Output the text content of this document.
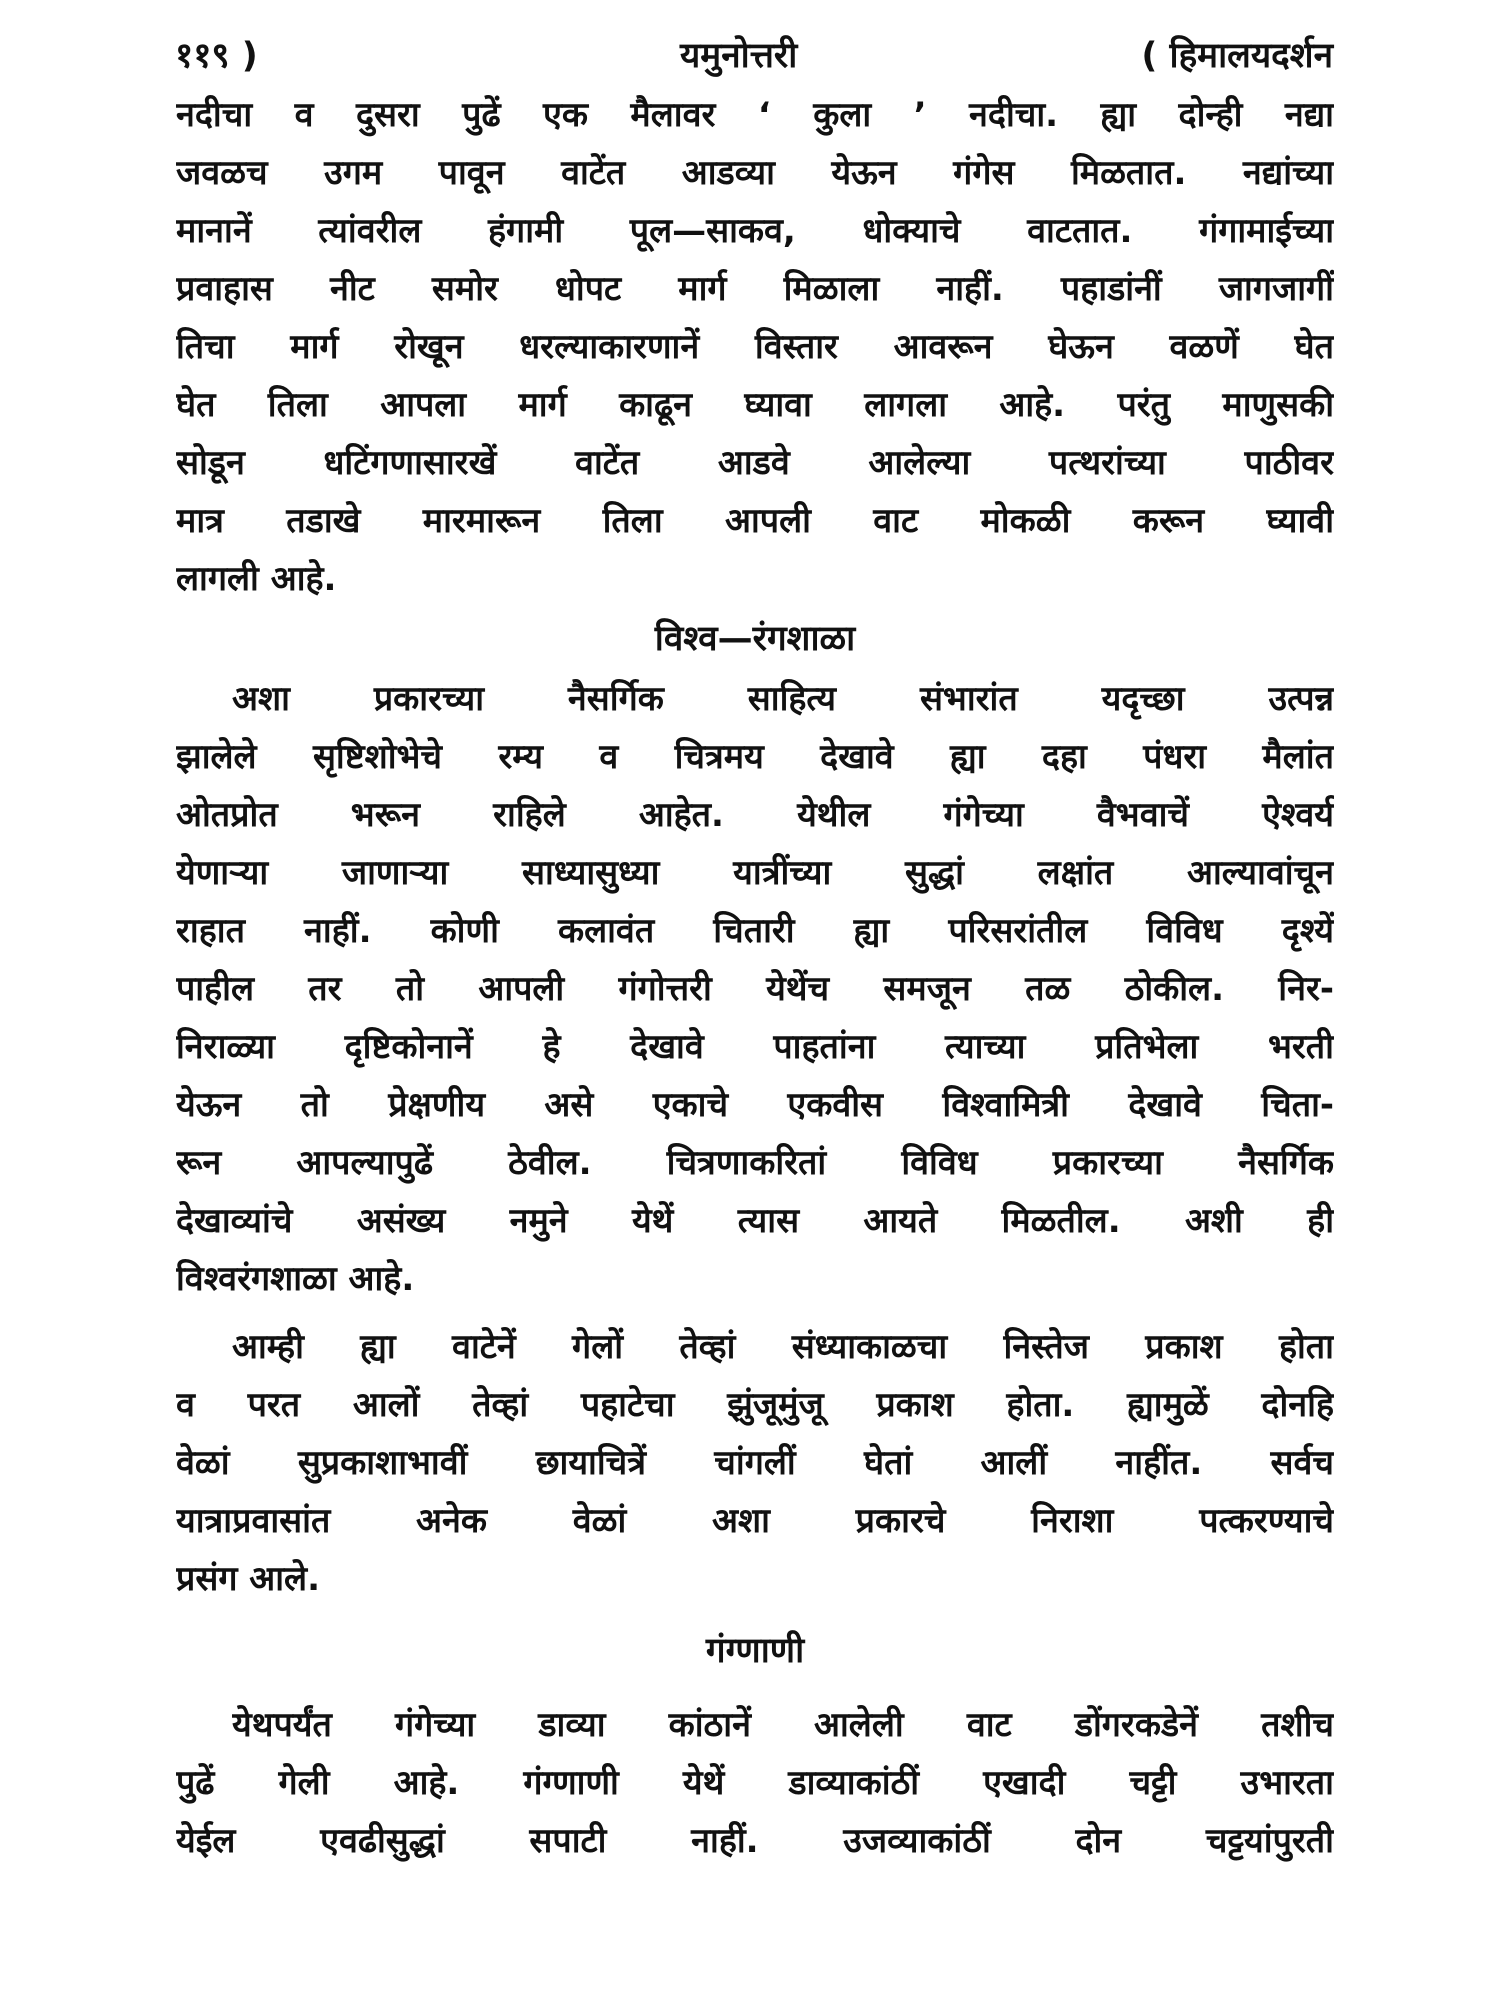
११९ )	यमुनोत्तरी	( हिमालयदर्शन
नदीचा व दुसरा पुढें एक मैलावर ‘ कुला ’ नदीचा. ह्या दोन्ही नद्या
जवळच उगम पावून वाटेंत आडव्या येऊन गंगेस मिळतात. नद्यांच्या
मानानें त्यांवरील हंगामी पूल—साकव, धोक्याचे वाटतात. गंगामाईच्या
प्रवाहास नीट समोर धोपट मार्ग मिळाला नाहीं. पहाडांनीं जागजागीं
तिचा मार्ग रोखून धरल्याकारणानें विस्तार आवरून घेऊन वळणें घेत
घेत तिला आपला मार्ग काढून घ्यावा लागला आहे. परंतु माणुसकी
सोडून धटिंगणासारखें वाटेंत आडवे आलेल्या पत्थरांच्या पाठीवर
मात्र तडाखे मारमारून तिला आपली वाट मोकळी करून घ्यावी
लागली आहे.
विश्व—रंगशाळा
अशा प्रकारच्या नैसर्गिक साहित्य संभारांत यदृच्छा उत्पन्न
झालेले सृष्टिशोभेचे रम्य व चित्रमय देखावे ह्या दहा पंधरा मैलांत
ओतप्रोत भरून राहिले आहेत. येथील गंगेच्या वैभवाचें ऐश्वर्य
येणाऱ्या जाणाऱ्या साध्यासुध्या यात्रींच्या सुद्धां लक्षांत आल्यावांचून
राहात नाहीं. कोणी कलावंत चितारी ह्या परिसरांतील विविध दृश्यें
पाहील तर तो आपली गंगोत्तरी येथेंच समजून तळ ठोकील. निर-
निराळ्या दृष्टिकोनानें हे देखावे पाहतांना त्याच्या प्रतिभेला भरती
येऊन तो प्रेक्षणीय असे एकाचे एकवीस विश्वामित्री देखावे चिता-
रून आपल्यापुढें ठेवील. चित्रणाकरितां विविध प्रकारच्या नैसर्गिक
देखाव्यांचे असंख्य नमुने येथें त्यास आयते मिळतील. अशी ही
विश्वरंगशाळा आहे.
आम्ही ह्या वाटेनें गेलों तेव्हां संध्याकाळचा निस्तेज प्रकाश होता
व परत आलों तेव्हां पहाटेचा झुंजूमुंजू प्रकाश होता. ह्यामुळें दोनहि
वेळां सुप्रकाशाभावीं छायाचित्रें चांगलीं घेतां आलीं नाहींत. सर्वच
यात्राप्रवासांत अनेक वेळां अशा प्रकारचे निराशा पत्करण्याचे
प्रसंग आले.
गंग्णाणी
येथपर्यंत गंगेच्या डाव्या कांठानें आलेली वाट डोंगरकडेनें तशीच
पुढें गेली आहे. गंग्णाणी येथें डाव्याकांठीं एखादी चट्टी उभारता
येईल एवढीसुद्धां सपाटी नाहीं. उजव्याकांठीं दोन चट्टयांपुरती
